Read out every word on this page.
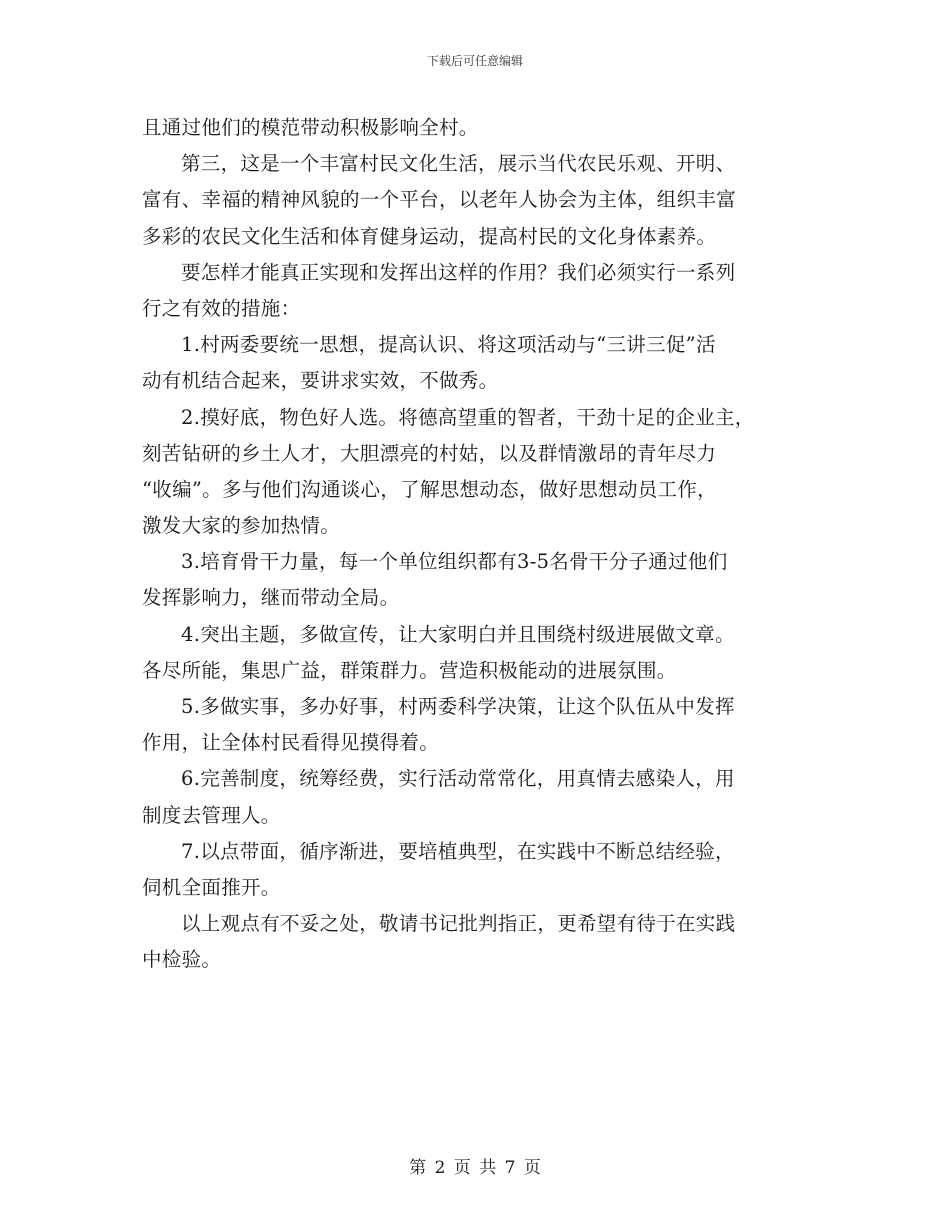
下载后可任意编辑
且通过他们的模范带动积极影响全村。
第三，这是一个丰富村民文化生活，展示当代农民乐观、开明、
富有、幸福的精神风貌的一个平台，以老年人协会为主体，组织丰富
多彩的农民文化生活和体育健身运动，提高村民的文化身体素养。
要怎样才能真正实现和发挥出这样的作用？我们必须实行一系列
行之有效的措施：
1.村两委要统一思想，提高认识、将这项活动与“三讲三促”活
动有机结合起来，要讲求实效，不做秀。
2.摸好底，物色好人选。将德高望重的智者，干劲十足的企业主，
刻苦钻研的乡土人才，大胆漂亮的村姑，以及群情激昂的青年尽力
“收编”。多与他们沟通谈心，了解思想动态，做好思想动员工作，
激发大家的参加热情。
3.培育骨干力量，每一个单位组织都有3-5名骨干分子通过他们
发挥影响力，继而带动全局。
4.突出主题，多做宣传，让大家明白并且围绕村级进展做文章。
各尽所能，集思广益，群策群力。营造积极能动的进展氛围。
5.多做实事，多办好事，村两委科学决策，让这个队伍从中发挥
作用，让全体村民看得见摸得着。
6.完善制度，统筹经费，实行活动常常化，用真情去感染人，用
制度去管理人。
7.以点带面，循序渐进，要培植典型，在实践中不断总结经验，
伺机全面推开。
以上观点有不妥之处，敬请书记批判指正，更希望有待于在实践
中检验。
第 2 页 共 7 页
